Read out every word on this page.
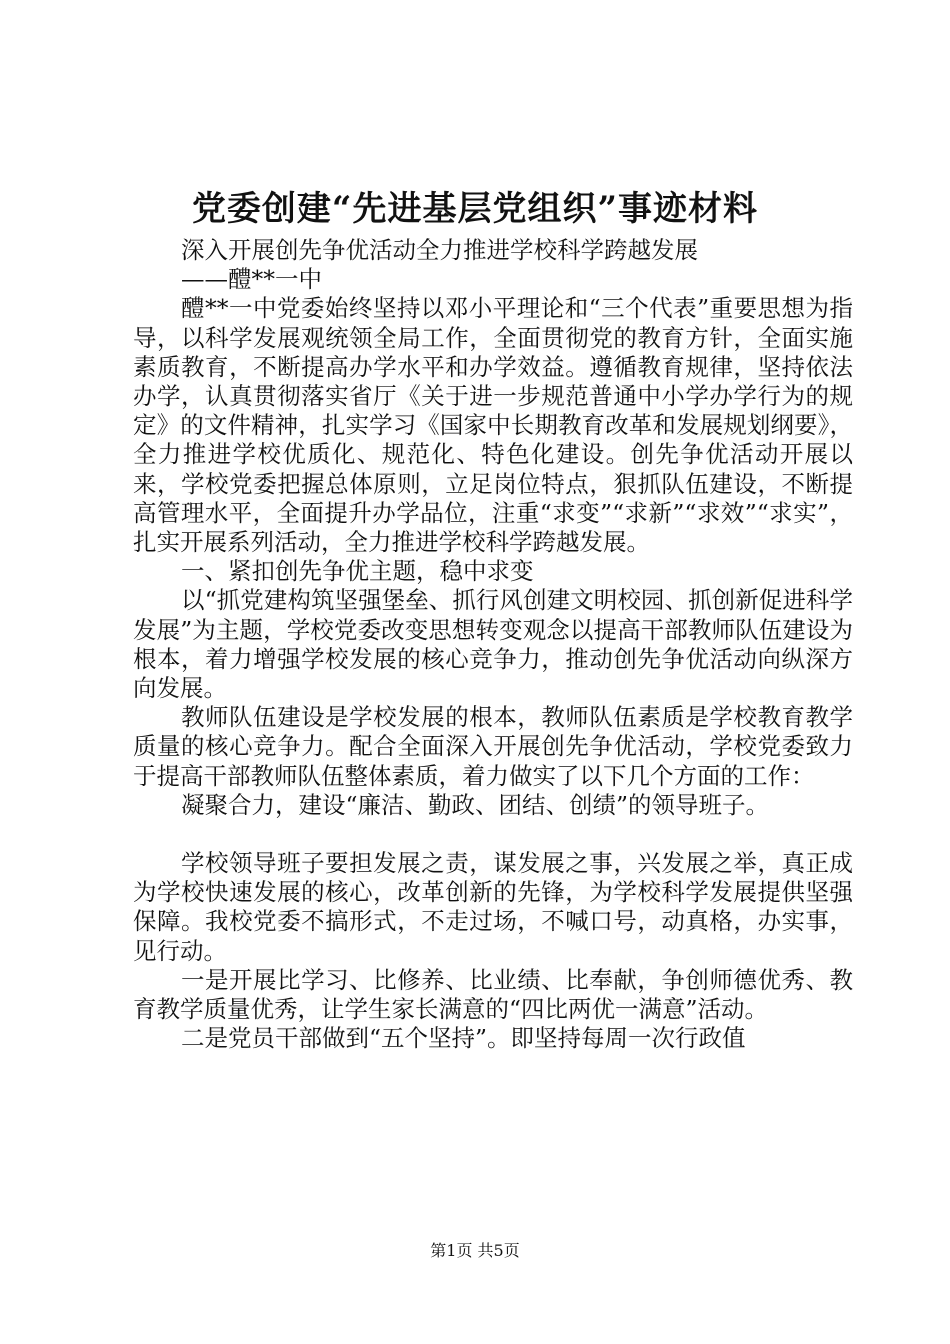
党委创建“先进基层党组织”事迹材料

深入开展创先争优活动全力推进学校科学跨越发展

——醴**一中

醴**一中党委始终坚持以邓小平理论和“三个代表”重要思想为指导，以科学发展观统领全局工作，全面贯彻党的教育方针，全面实施素质教育，不断提高办学水平和办学效益。遵循教育规律，坚持依法办学，认真贯彻落实省厅《关于进一步规范普通中小学办学行为的规定》的文件精神，扎实学习《国家中长期教育改革和发展规划纲要》，全力推进学校优质化、规范化、特色化建设。创先争优活动开展以来，学校党委把握总体原则，立足岗位特点，狠抓队伍建设，不断提高管理水平，全面提升办学品位，注重“求变”“求新”“求效”“求实”，扎实开展系列活动，全力推进学校科学跨越发展。

一、紧扣创先争优主题，稳中求变

以“抓党建构筑坚强堡垒、抓行风创建文明校园、抓创新促进科学发展”为主题，学校党委改变思想转变观念以提高干部教师队伍建设为根本，着力增强学校发展的核心竞争力，推动创先争优活动向纵深方向发展。

教师队伍建设是学校发展的根本，教师队伍素质是学校教育教学质量的核心竞争力。配合全面深入开展创先争优活动，学校党委致力于提高干部教师队伍整体素质，着力做实了以下几个方面的工作：

凝聚合力，建设“廉洁、勤政、团结、创绩”的领导班子。

学校领导班子要担发展之责，谋发展之事，兴发展之举，真正成为学校快速发展的核心，改革创新的先锋，为学校科学发展提供坚强保障。我校党委不搞形式，不走过场，不喊口号，动真格，办实事，见行动。

一是开展比学习、比修养、比业绩、比奉献，争创师德优秀、教育教学质量优秀，让学生家长满意的“四比两优一满意”活动。

二是党员干部做到“五个坚持”。即坚持每周一次行政值

第1页 共5页
